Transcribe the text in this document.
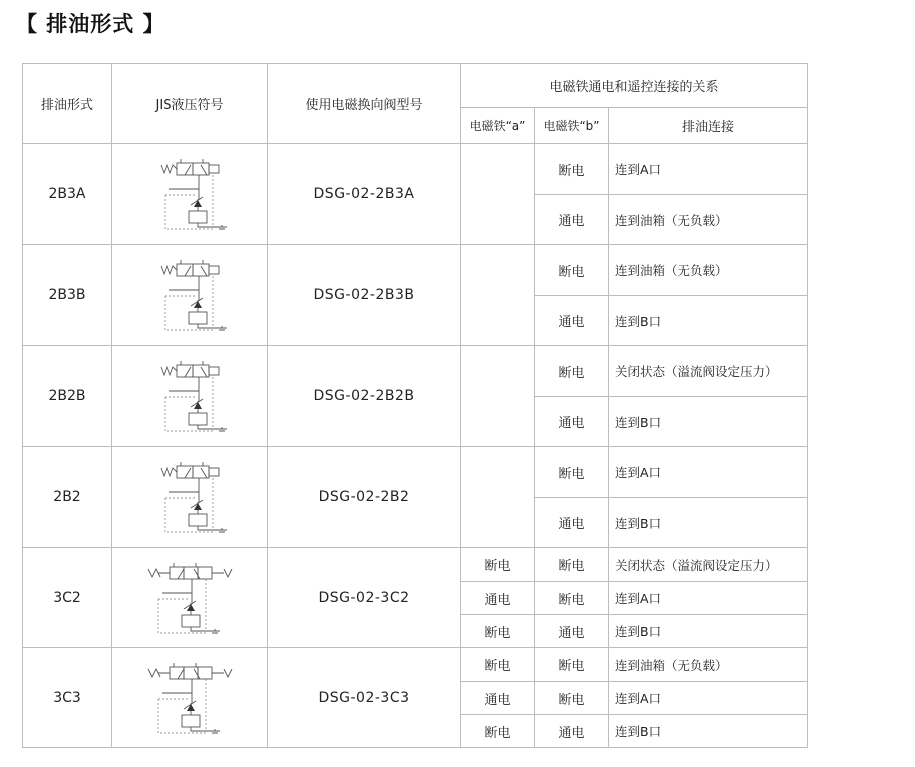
【 排油形式 】
排油形式	JIS液压符号	使用电磁换向阀型号	电磁铁通电和遥控连接的关系		
			电磁铁“a”	电磁铁“b”	排油连接
2B3A		DSG-02-2B3A		断电	连到A口
				通电	连到油箱（无负载）
2B3B		DSG-02-2B3B		断电	连到油箱（无负载）
				通电	连到B口
2B2B		DSG-02-2B2B		断电	关闭状态（溢流阀设定压力）
				通电	连到B口
2B2		DSG-02-2B2		断电	连到A口
				通电	连到B口
3C2		DSG-02-3C2	断电	断电	关闭状态（溢流阀设定压力）
			通电	断电	连到A口
			断电	通电	连到B口
3C3		DSG-02-3C3	断电	断电	连到油箱（无负载）
			通电	断电	连到A口
			断电	通电	连到B口
